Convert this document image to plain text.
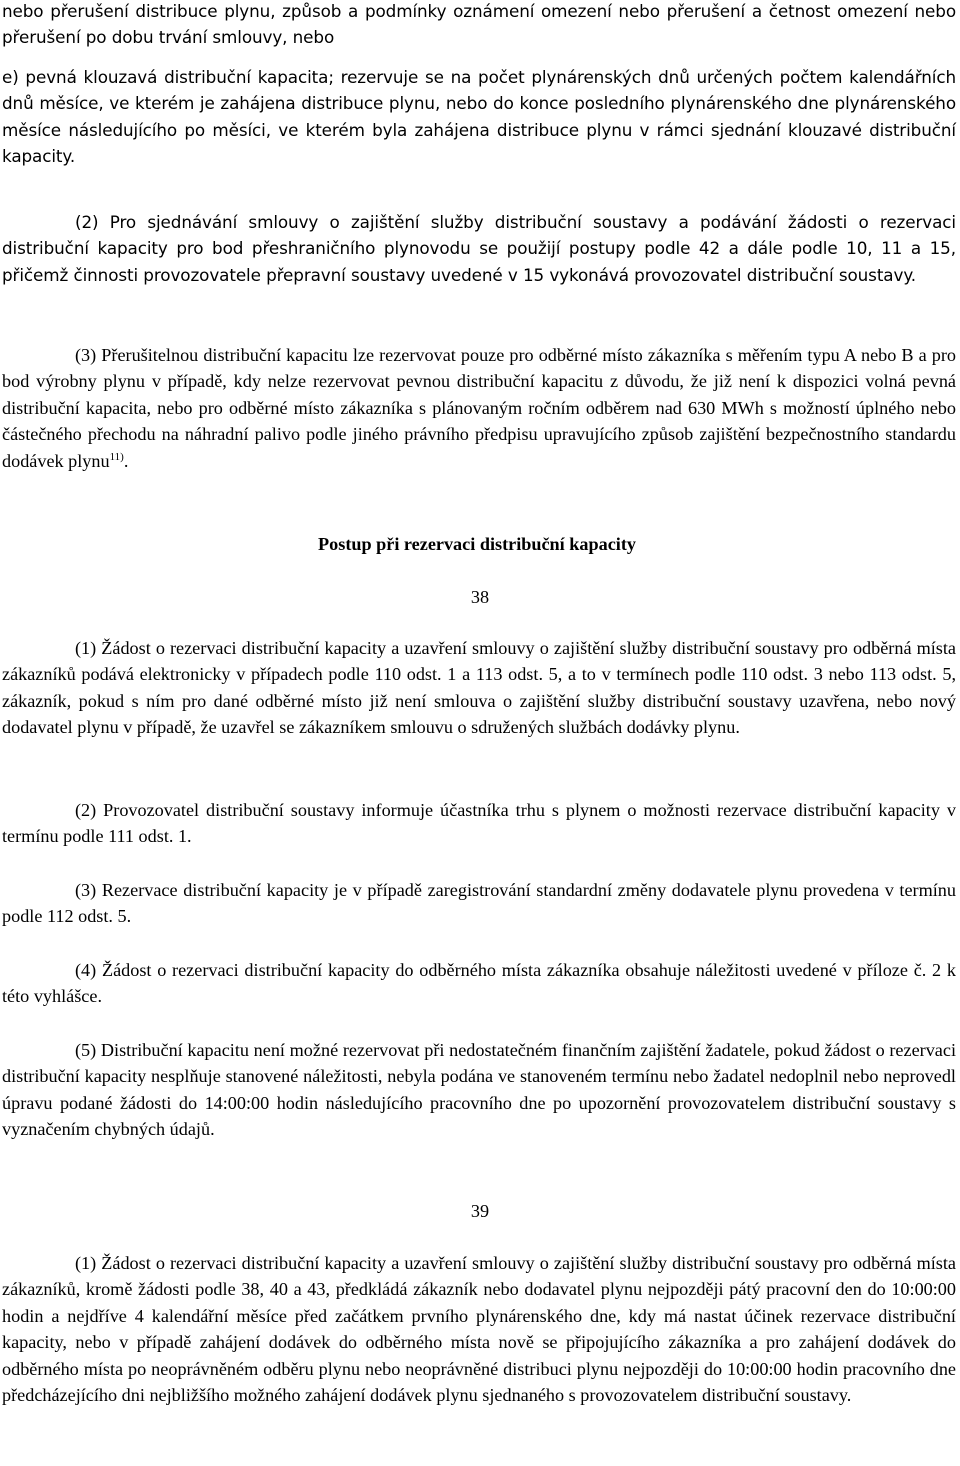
nebo přerušení distribuce plynu, způsob a podmínky oznámení omezení nebo přerušení a četnost omezení nebo přerušení po dobu trvání smlouvy, nebo

e) pevná klouzavá distribuční kapacita; rezervuje se na počet plynárenských dnů určených počtem kalendářních dnů měsíce, ve kterém je zahájena distribuce plynu, nebo do konce posledního plynárenského dne plynárenského měsíce následujícího po měsíci, ve kterém byla zahájena distribuce plynu v rámci sjednání klouzavé distribuční kapacity.

(2) Pro sjednávání smlouvy o zajištění služby distribuční soustavy a podávání žádosti o rezervaci distribuční kapacity pro bod přeshraničního plynovodu se použijí postupy podle 42 a dále podle 10, 11 a 15, přičemž činnosti provozovatele přepravní soustavy uvedené v 15 vykonává provozovatel distribuční soustavy.

(3) Přerušitelnou distribuční kapacitu lze rezervovat pouze pro odběrné místo zákazníka s měřením typu A nebo B a pro bod výrobny plynu v případě, kdy nelze rezervovat pevnou distribuční kapacitu z důvodu, že již není k dispozici volná pevná distribuční kapacita, nebo pro odběrné místo zákazníka s plánovaným ročním odběrem nad 630 MWh s možností úplného nebo částečného přechodu na náhradní palivo podle jiného právního předpisu upravujícího způsob zajištění bezpečnostního standardu dodávek plynu$^{11)}$.

Postup při rezervaci distribuční kapacity

38

(1) Žádost o rezervaci distribuční kapacity a uzavření smlouvy o zajištění služby distribuční soustavy pro odběrná místa zákazníků podává elektronicky v případech podle 110 odst. 1 a 113 odst. 5, a to v termínech podle 110 odst. 3 nebo 113 odst. 5, zákazník, pokud s ním pro dané odběrné místo již není smlouva o zajištění služby distribuční soustavy uzavřena, nebo nový dodavatel plynu v případě, že uzavřel se zákazníkem smlouvu o sdružených službách dodávky plynu.

(2) Provozovatel distribuční soustavy informuje účastníka trhu s plynem o možnosti rezervace distribuční kapacity v termínu podle 111 odst. 1.

(3) Rezervace distribuční kapacity je v případě zaregistrování standardní změny dodavatele plynu provedena v termínu podle 112 odst. 5.

(4) Žádost o rezervaci distribuční kapacity do odběrného místa zákazníka obsahuje náležitosti uvedené v příloze č. 2 k této vyhlášce.

(5) Distribuční kapacitu není možné rezervovat při nedostatečném finančním zajištění žadatele, pokud žádost o rezervaci distribuční kapacity nesplňuje stanovené náležitosti, nebyla podána ve stanoveném termínu nebo žadatel nedoplnil nebo neprovedl úpravu podané žádosti do 14:00:00 hodin následujícího pracovního dne po upozornění provozovatelem distribuční soustavy s vyznačením chybných údajů.

39

(1) Žádost o rezervaci distribuční kapacity a uzavření smlouvy o zajištění služby distribuční soustavy pro odběrná místa zákazníků, kromě žádosti podle 38, 40 a 43, předkládá zákazník nebo dodavatel plynu nejpozději pátý pracovní den do 10:00:00 hodin a nejdříve 4 kalendářní měsíce před začátkem prvního plynárenského dne, kdy má nastat účinek rezervace distribuční kapacity, nebo v případě zahájení dodávek do odběrného místa nově se připojujícího zákazníka a pro zahájení dodávek do odběrného místa po neoprávněném odběru plynu nebo neoprávněné distribuci plynu nejpozději do 10:00:00 hodin pracovního dne předcházejícího dni nejbližšího možného zahájení dodávek plynu sjednaného s provozovatelem distribuční soustavy.
